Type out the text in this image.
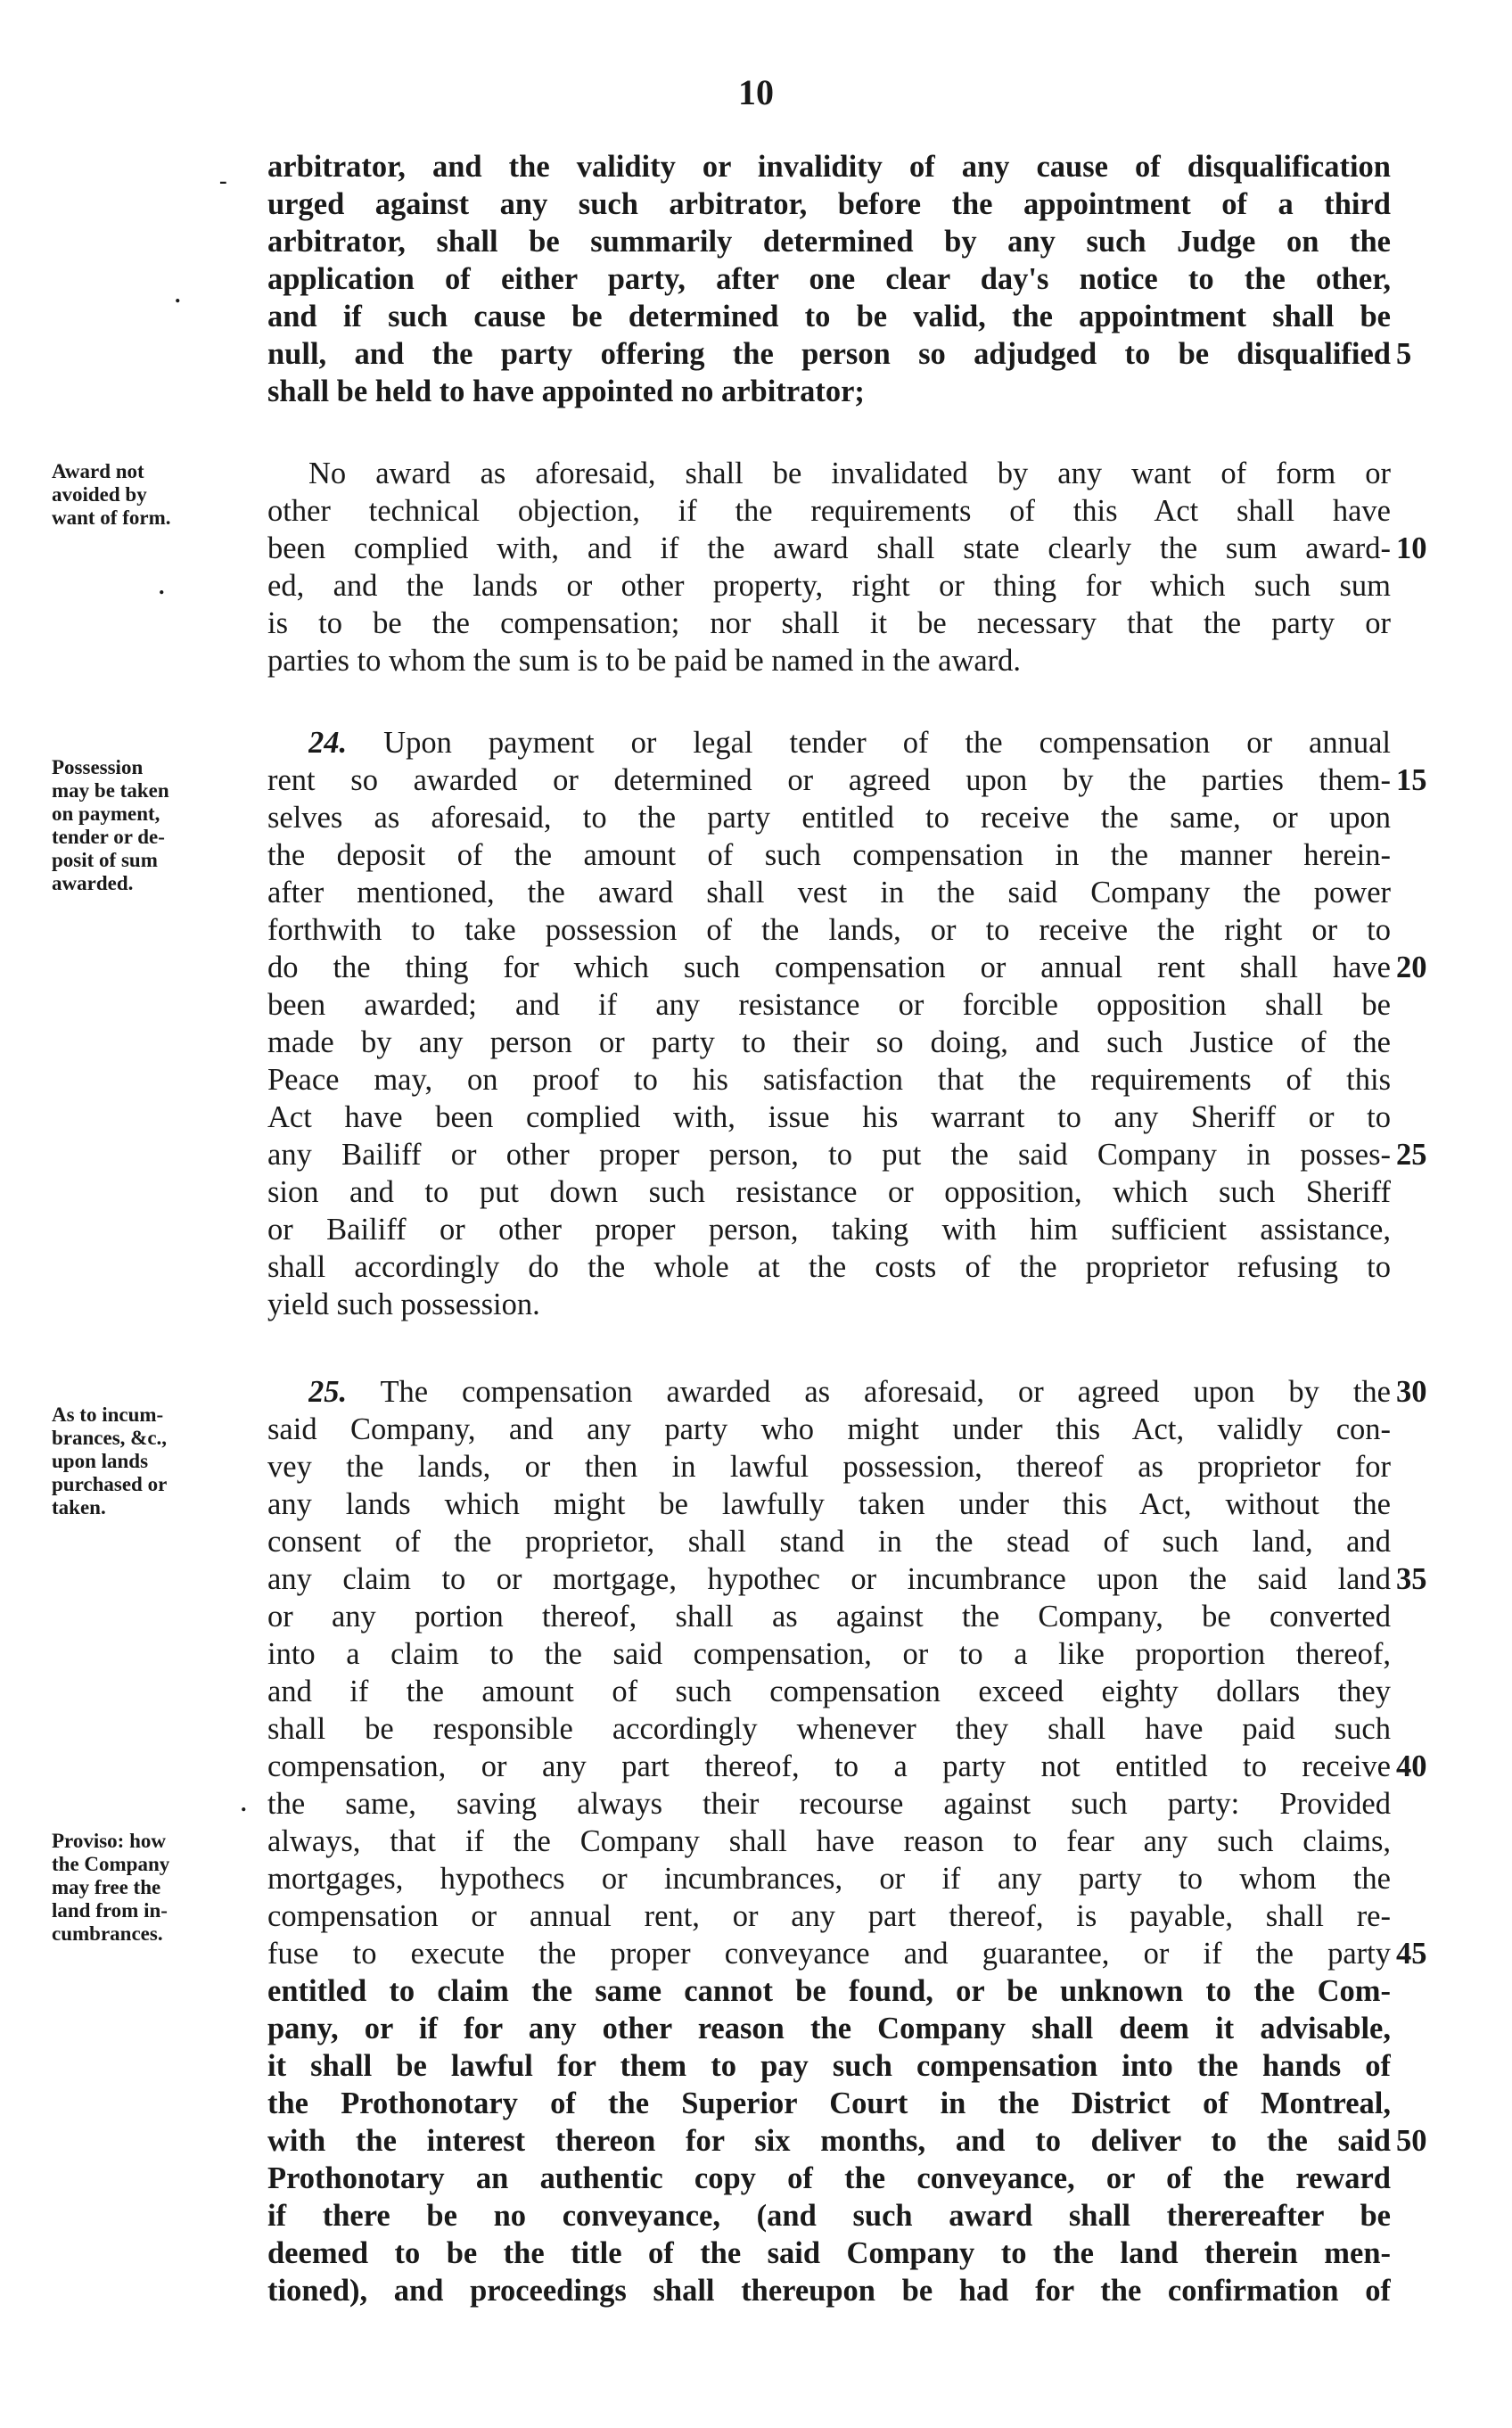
10
-
.
.
.
arbitrator, and the validity or invalidity of any cause of disqualification
urged against any such arbitrator, before the appointment of a third
arbitrator, shall be summarily determined by any such Judge on the
application of either party, after one clear day's notice to the other,
and if such cause be determined to be valid, the appointment shall be
null, and the party offering the person so adjudged to be disqualified
shall be held to have appointed no arbitrator;
Award not
avoided by
want of form.
No award as aforesaid, shall be invalidated by any want of form or
other technical objection, if the requirements of this Act shall have
been complied with, and if the award shall state clearly the sum award-
ed, and the lands or other property, right or thing for which such sum
is to be the compensation; nor shall it be necessary that the party or
parties to whom the sum is to be paid be named in the award.
Possession
may be taken
on payment,
tender or de-
posit of sum
awarded.
24. Upon payment or legal tender of the compensation or annual
rent so awarded or determined or agreed upon by the parties them-
selves as aforesaid, to the party entitled to receive the same, or upon
the deposit of the amount of such compensation in the manner herein-
after mentioned, the award shall vest in the said Company the power
forthwith to take possession of the lands, or to receive the right or to
do the thing for which such compensation or annual rent shall have
been awarded; and if any resistance or forcible opposition shall be
made by any person or party to their so doing, and such Justice of the
Peace may, on proof to his satisfaction that the requirements of this
Act have been complied with, issue his warrant to any Sheriff or to
any Bailiff or other proper person, to put the said Company in posses-
sion and to put down such resistance or opposition, which such Sheriff
or Bailiff or other proper person, taking with him sufficient assistance,
shall accordingly do the whole at the costs of the proprietor refusing to
yield such possession.
As to incum-
brances, &c.,
upon lands
purchased or
taken.
Proviso: how
the Company
may free the
land from in-
cumbrances.
25. The compensation awarded as aforesaid, or agreed upon by the
said Company, and any party who might under this Act, validly con-
vey the lands, or then in lawful possession, thereof as proprietor for
any lands which might be lawfully taken under this Act, without the
consent of the proprietor, shall stand in the stead of such land, and
any claim to or mortgage, hypothec or incumbrance upon the said land
or any portion thereof, shall as against the Company, be converted
into a claim to the said compensation, or to a like proportion thereof,
and if the amount of such compensation exceed eighty dollars they
shall be responsible accordingly whenever they shall have paid such
compensation, or any part thereof, to a party not entitled to receive
the same, saving always their recourse against such party: Provided
always, that if the Company shall have reason to fear any such claims,
mortgages, hypothecs or incumbrances, or if any party to whom the
compensation or annual rent, or any part thereof, is payable, shall re-
fuse to execute the proper conveyance and guarantee, or if the party
entitled to claim the same cannot be found, or be unknown to the Com-
pany, or if for any other reason the Company shall deem it advisable,
it shall be lawful for them to pay such compensation into the hands of
the Prothonotary of the Superior Court in the District of Montreal,
with the interest thereon for six months, and to deliver to the said
Prothonotary an authentic copy of the conveyance, or of the reward
if there be no conveyance, (and such award shall therereafter be
deemed to be the title of the said Company to the land therein men-
tioned), and proceedings shall thereupon be had for the confirmation of
5
10
15
20
25
30
35
40
45
50
